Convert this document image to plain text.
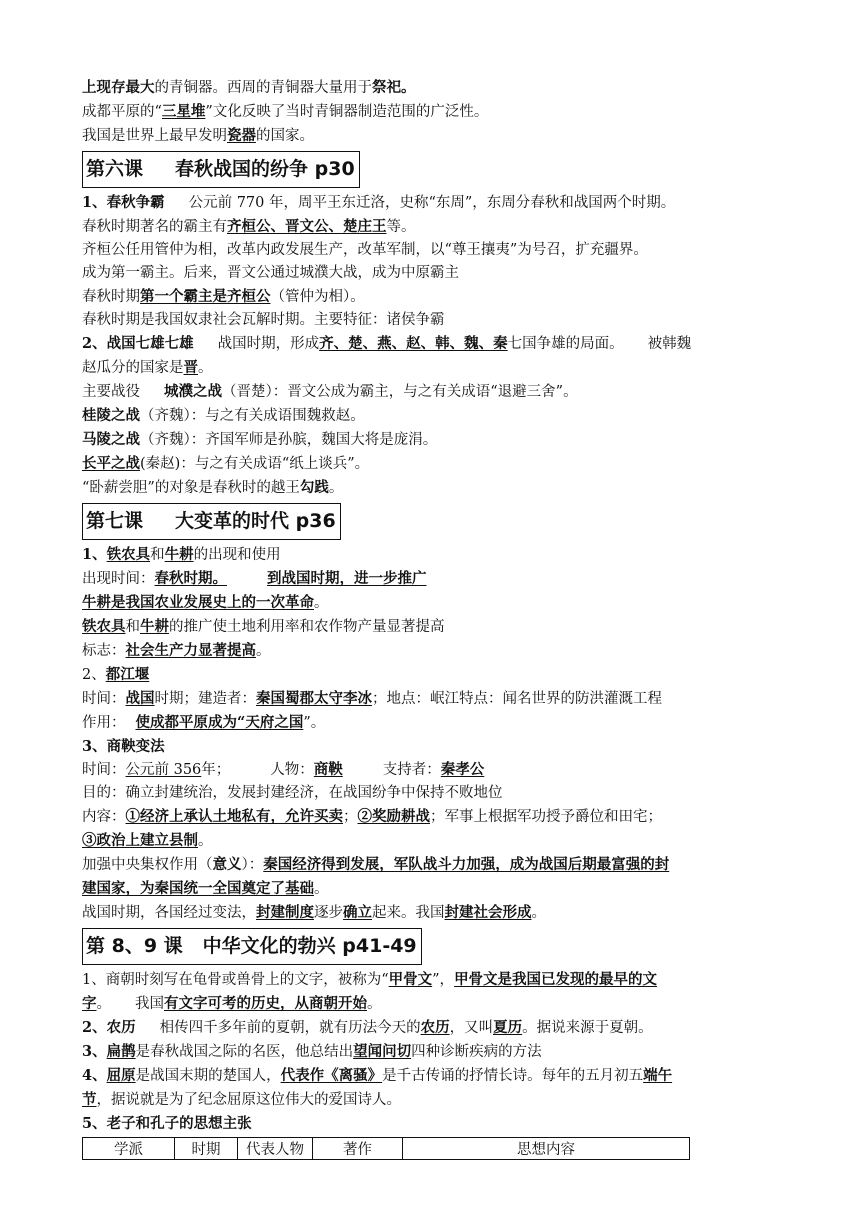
上现存最大的青铜器。西周的青铜器大量用于祭祀。

成都平原的“三星堆”文化反映了当时青铜器制造范围的广泛性。

我国是世界上最早发明瓷器的国家。

第六课 春秋战国的纷争 p30

1、春秋争霸 公元前 770 年，周平王东迁洛，史称“东周”，东周分春秋和战国两个时期。

春秋时期著名的霸主有齐桓公、晋文公、楚庄王等。

齐桓公任用管仲为相，改革内政发展生产，改革军制，以“尊王攘夷”为号召，扩充疆界。

成为第一霸主。后来，晋文公通过城濮大战，成为中原霸主

春秋时期第一个霸主是齐桓公（管仲为相）。

春秋时期是我国奴隶社会瓦解时期。主要特征：诸侯争霸

2、战国七雄七雄 战国时期，形成齐、楚、燕、赵、韩、魏、秦七国争雄的局面。 被韩魏

赵瓜分的国家是晋。

主要战役 城濮之战（晋楚）：晋文公成为霸主，与之有关成语“退避三舍”。

桂陵之战（齐魏）：与之有关成语围魏救赵。

马陵之战（齐魏）：齐国军师是孙膑，魏国大将是庞涓。

长平之战(秦赵)：与之有关成语“纸上谈兵”。

“卧薪尝胆”的对象是春秋时的越王勾践。

第七课 大变革的时代 p36

1、铁农具和牛耕的出现和使用

出现时间：春秋时期。	到战国时期，进一步推广

牛耕是我国农业发展史上的一次革命。

铁农具和牛耕的推广使土地利用率和农作物产量显著提高

标志：社会生产力显著提高。

2、都江堰

时间：战国时期；建造者：秦国蜀郡太守李冰；地点：岷江特点：闻名世界的防洪灌溉工程

作用： 使成都平原成为“天府之国”。

3、商鞅变法

时间：公元前 356年；	人物：商鞅	支持者：秦孝公

目的：确立封建统治，发展封建经济，在战国纷争中保持不败地位

内容：①经济上承认土地私有，允许买卖；②奖励耕战；军事上根据军功授予爵位和田宅；

③政治上建立县制。

加强中央集权作用（意义）：秦国经济得到发展，军队战斗力加强，成为战国后期最富强的封

建国家，为秦国统一全国奠定了基础。

战国时期，各国经过变法，封建制度逐步确立起来。我国封建社会形成。

第 8、9 课 中华文化的勃兴 p41-49

1、商朝时刻写在龟骨或兽骨上的文字，被称为“甲骨文”，甲骨文是我国已发现的最早的文

字。 我国有文字可考的历史，从商朝开始。

2、农历 相传四千多年前的夏朝，就有历法今天的农历，又叫夏历。据说来源于夏朝。

3、扁鹊是春秋战国之际的名医，他总结出望闻问切四种诊断疾病的方法

4、屈原是战国末期的楚国人，代表作《离骚》是千古传诵的抒情长诗。每年的五月初五端午

节，据说就是为了纪念屈原这位伟大的爱国诗人。

5、老子和孔子的思想主张

学派	时期	代表人物	著作	思想内容
